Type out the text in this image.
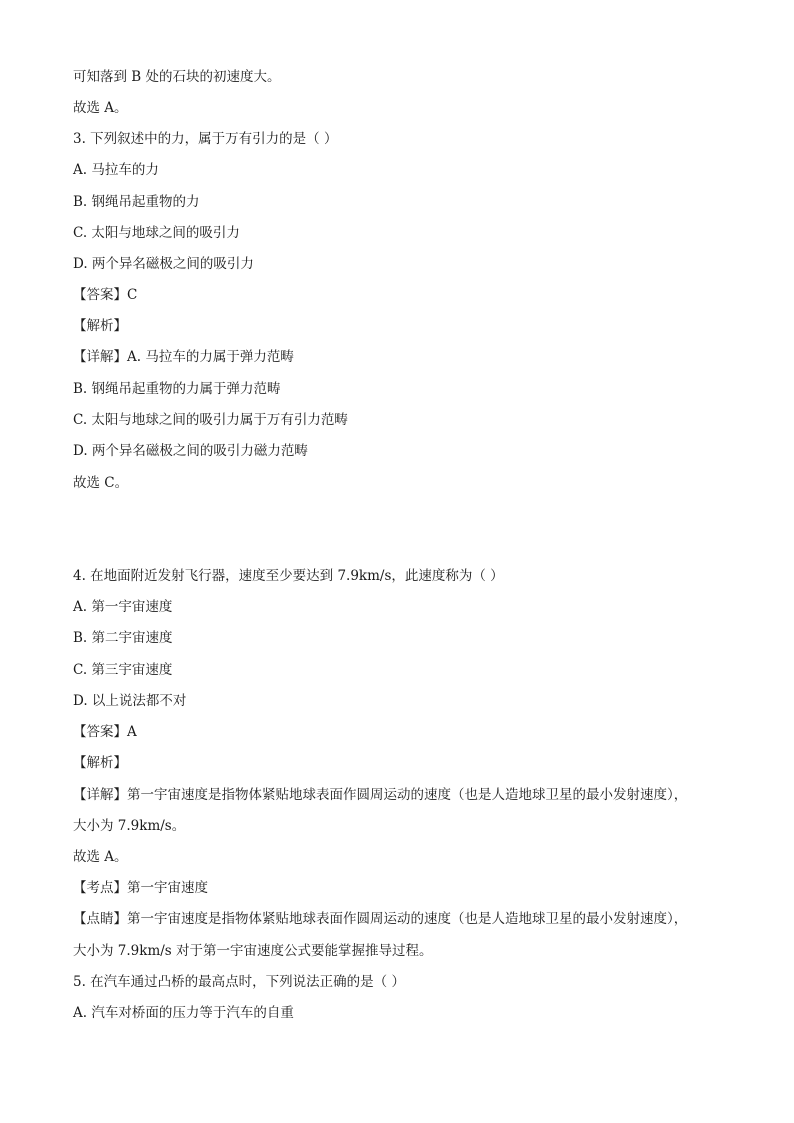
可知落到 B 处的石块的初速度大。
故选 A。
3. 下列叙述中的力，属于万有引力的是（ ）
A. 马拉车的力
B. 钢绳吊起重物的力
C. 太阳与地球之间的吸引力
D. 两个异名磁极之间的吸引力
【答案】C
【解析】
【详解】A. 马拉车的力属于弹力范畴
B. 钢绳吊起重物的力属于弹力范畴
C. 太阳与地球之间的吸引力属于万有引力范畴
D. 两个异名磁极之间的吸引力磁力范畴
故选 C。
4. 在地面附近发射飞行器，速度至少要达到 7.9km/s，此速度称为（ ）
A. 第一宇宙速度
B. 第二宇宙速度
C. 第三宇宙速度
D. 以上说法都不对
【答案】A
【解析】
【详解】第一宇宙速度是指物体紧贴地球表面作圆周运动的速度（也是人造地球卫星的最小发射速度），
大小为 7.9km/s。
故选 A。
【考点】第一宇宙速度
【点睛】第一宇宙速度是指物体紧贴地球表面作圆周运动的速度（也是人造地球卫星的最小发射速度），
大小为 7.9km/s 对于第一宇宙速度公式要能掌握推导过程。
5. 在汽车通过凸桥的最高点时，下列说法正确的是（ ）
A. 汽车对桥面的压力等于汽车的自重
